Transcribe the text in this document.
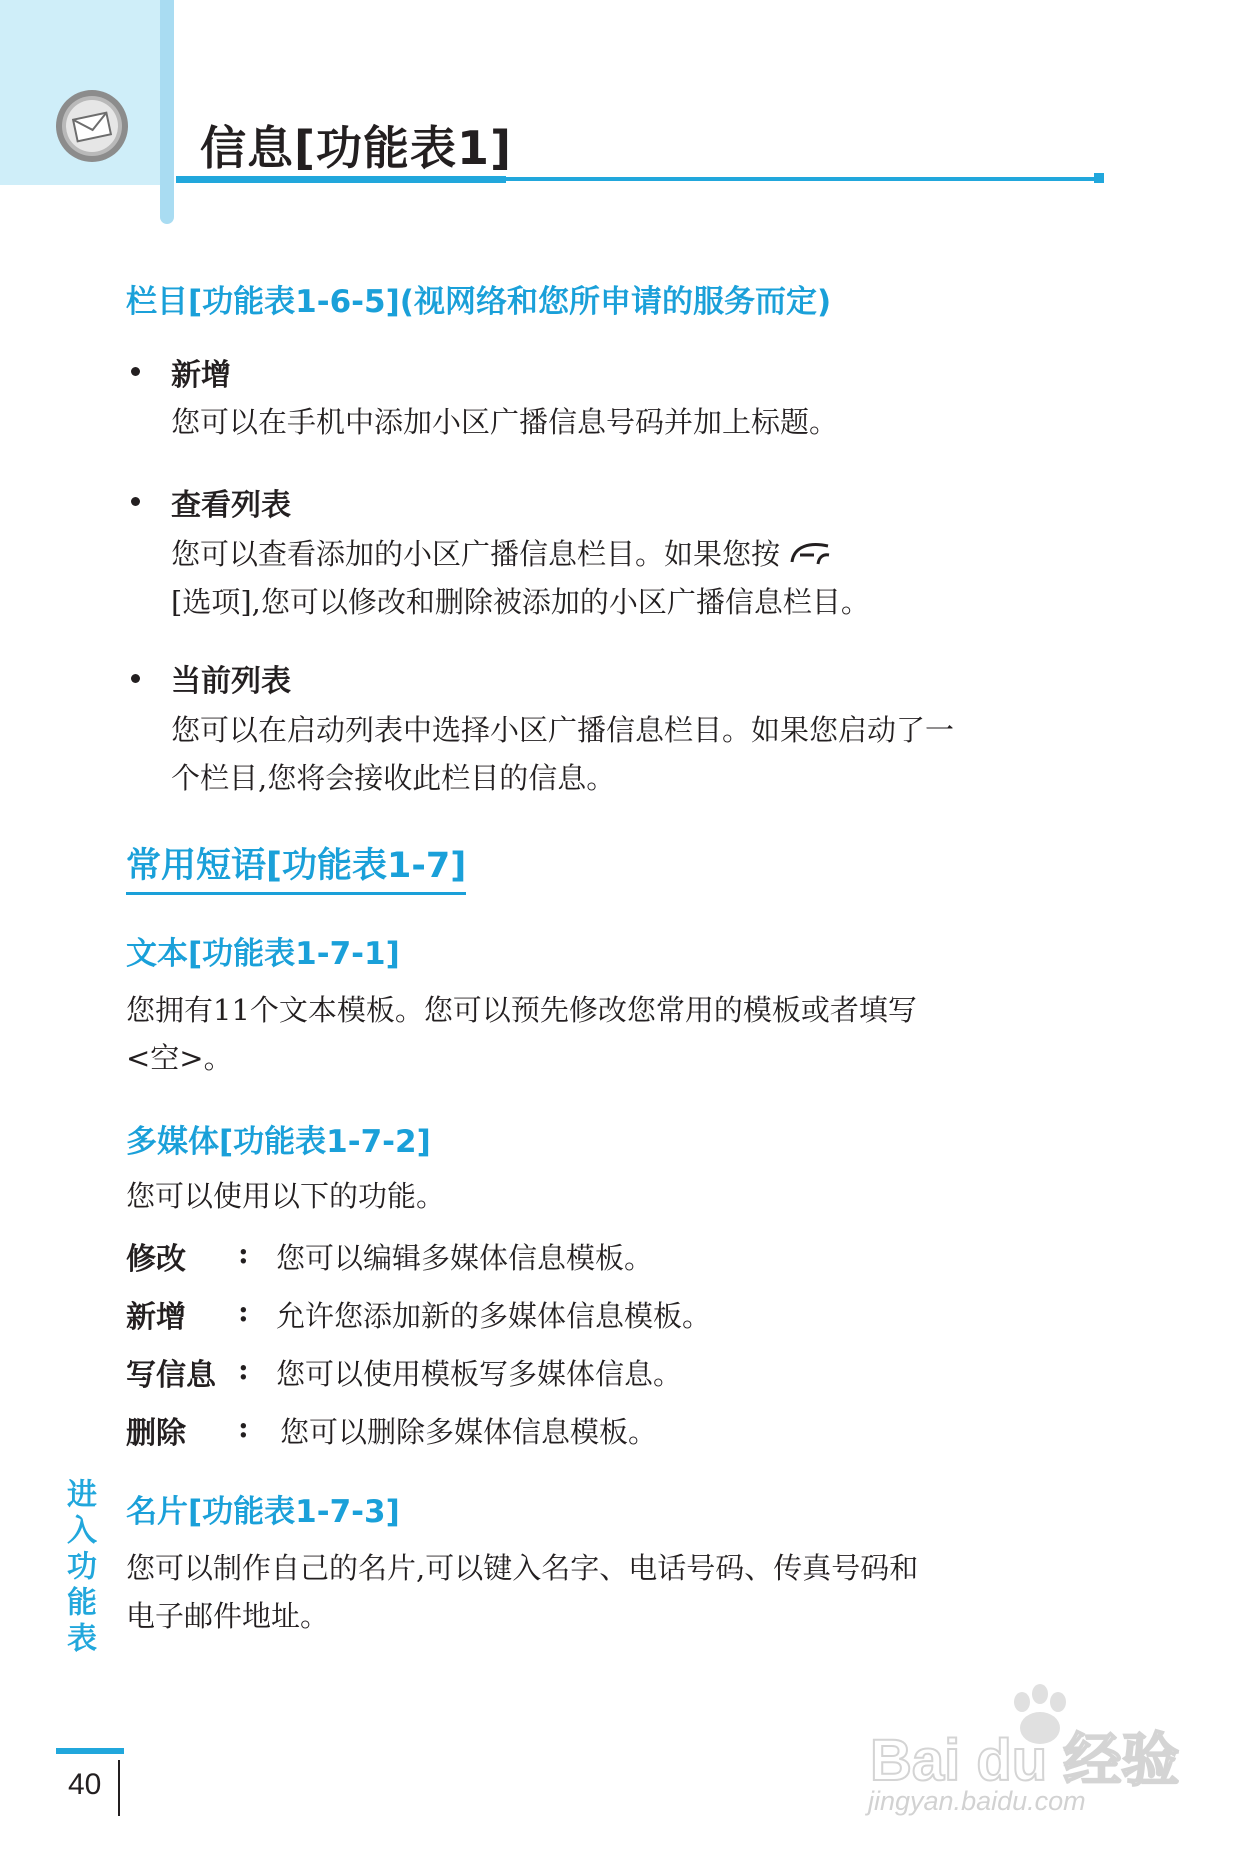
信息[功能表1]
栏目[功能表1-6-5](视网络和您所申请的服务而定)
新增
您可以在手机中添加小区广播信息号码并加上标题。
查看列表
您可以查看添加的小区广播信息栏目。如果您按
[选项],您可以修改和删除被添加的小区广播信息栏目。
当前列表
您可以在启动列表中选择小区广播信息栏目。如果您启动了一
个栏目,您将会接收此栏目的信息。
常用短语[功能表1-7]
文本[功能表1-7-1]
您拥有11个文本模板。您可以预先修改您常用的模板或者填写
<空>。
多媒体[功能表1-7-2]
您可以使用以下的功能。
修改 : 您可以编辑多媒体信息模板。
新增 : 允许您添加新的多媒体信息模板。
写信息 : 您可以使用模板写多媒体信息。
删除 : 您可以删除多媒体信息模板。
名片[功能表1-7-3]
您可以制作自己的名片,可以键入名字、电话号码、传真号码和
电子邮件地址。
进入功能表
40	Bai du 经验
jingyan.baidu.com
